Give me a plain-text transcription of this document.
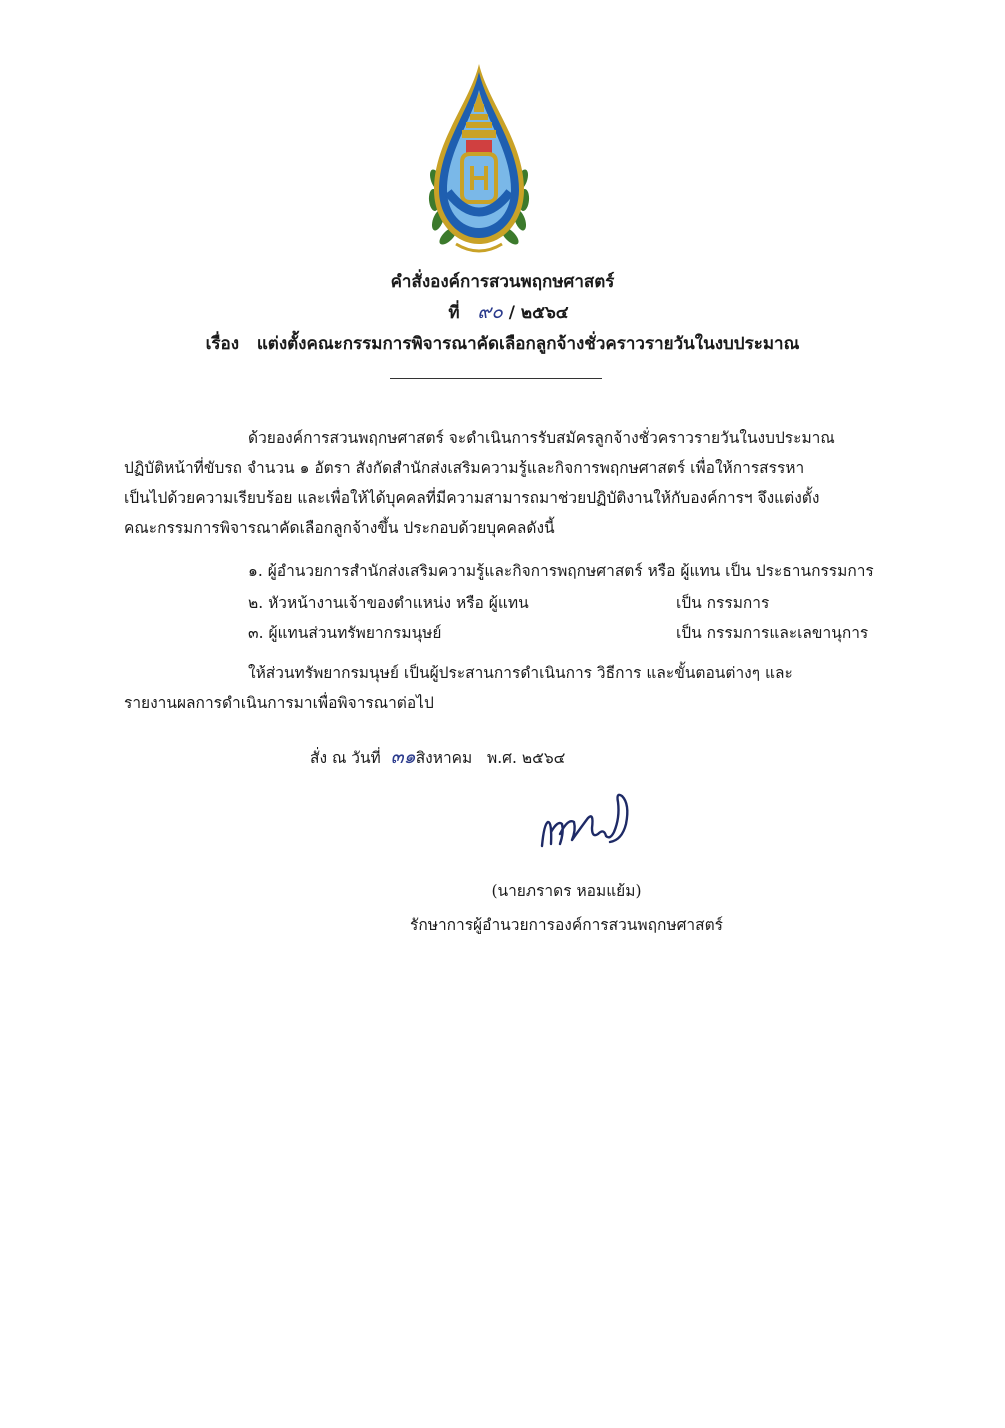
คำสั่งองค์การสวนพฤกษศาสตร์
ที่ ๙๐ / ๒๕๖๔
เรื่อง แต่งตั้งคณะกรรมการพิจารณาคัดเลือกลูกจ้างชั่วคราวรายวันในงบประมาณ
ด้วยองค์การสวนพฤกษศาสตร์ จะดำเนินการรับสมัครลูกจ้างชั่วคราวรายวันในงบประมาณ
ปฏิบัติหน้าที่ขับรถ จำนวน ๑ อัตรา สังกัดสำนักส่งเสริมความรู้และกิจการพฤกษศาสตร์ เพื่อให้การสรรหา
เป็นไปด้วยความเรียบร้อย และเพื่อให้ได้บุคคลที่มีความสามารถมาช่วยปฏิบัติงานให้กับองค์การฯ จึงแต่งตั้ง
คณะกรรมการพิจารณาคัดเลือกลูกจ้างขึ้น ประกอบด้วยบุคคลดังนี้
๑. ผู้อำนวยการสำนักส่งเสริมความรู้และกิจการพฤกษศาสตร์ หรือ ผู้แทน เป็น ประธานกรรมการ
๒. หัวหน้างานเจ้าของตำแหน่ง หรือ ผู้แทน	เป็น กรรมการ
๓. ผู้แทนส่วนทรัพยากรมนุษย์	เป็น กรรมการและเลขานุการ
ให้ส่วนทรัพยากรมนุษย์ เป็นผู้ประสานการดำเนินการ วิธีการ และขั้นตอนต่างๆ และ
รายงานผลการดำเนินการมาเพื่อพิจารณาต่อไป
สั่ง ณ วันที่ ๓๑สิงหาคม พ.ศ. ๒๕๖๔
(นายภราดร หอมแย้ม)
รักษาการผู้อำนวยการองค์การสวนพฤกษศาสตร์
